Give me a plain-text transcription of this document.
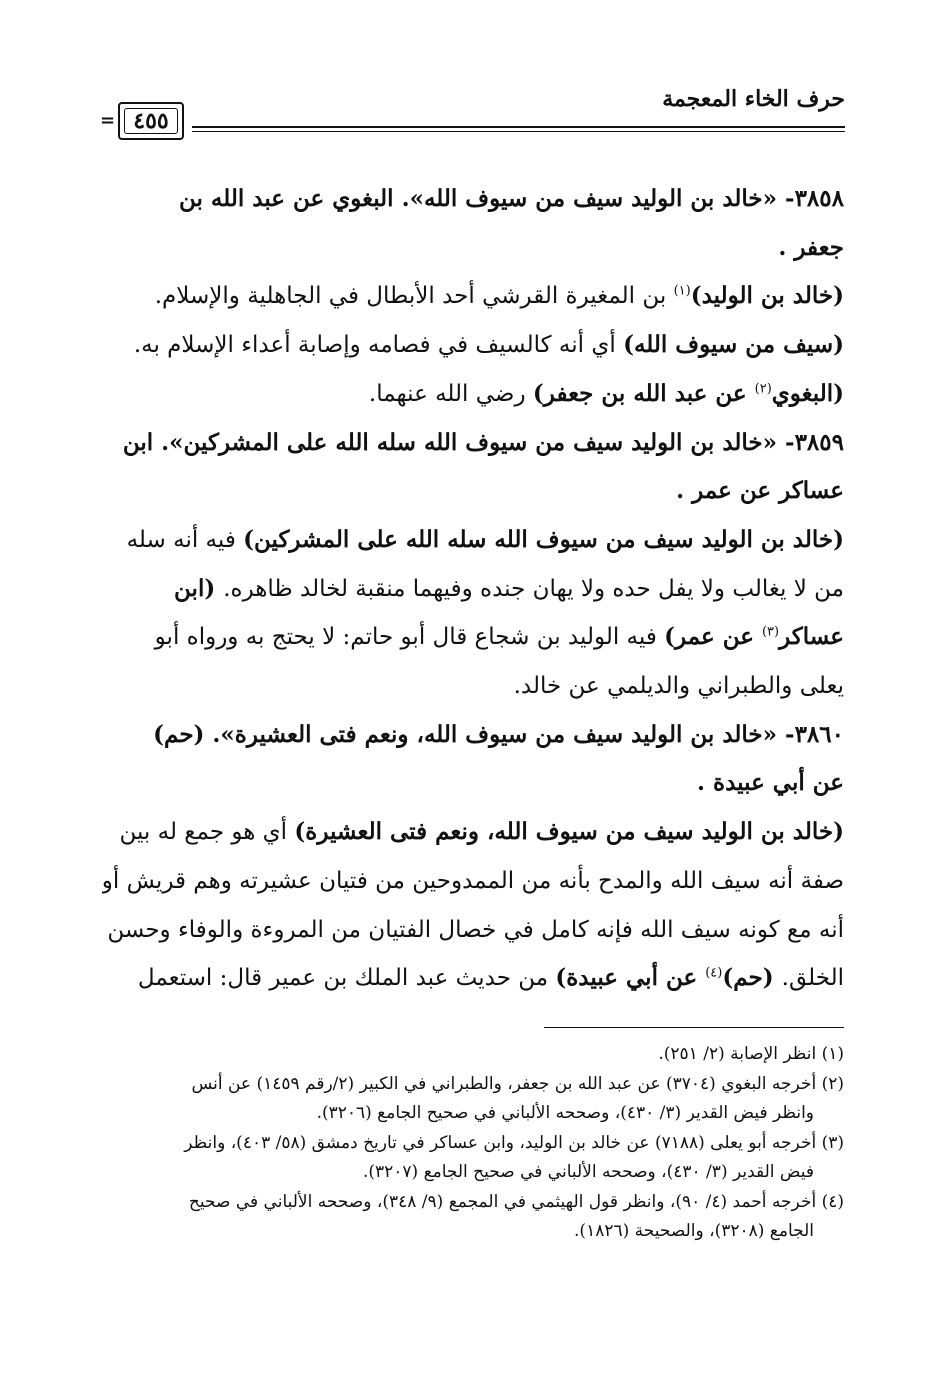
حرف الخاء المعجمة
٤٥٥
=
٣٨٥٨- «خالد بن الوليد سيف من سيوف الله». البغوي عن عبد الله بن
جعفر .
(خالد بن الوليد)$^{(١)}$ بن المغيرة القرشي أحد الأبطال في الجاهلية والإسلام.
(سيف من سيوف الله) أي أنه كالسيف في فصامه وإصابة أعداء الإسلام به.
(البغوي$^{(٢)}$ عن عبد الله بن جعفر) رضي الله عنهما.
٣٨٥٩- «خالد بن الوليد سيف من سيوف الله سله الله على المشركين». ابن
عساكر عن عمر .
(خالد بن الوليد سيف من سيوف الله سله الله على المشركين) فيه أنه سله
من لا يغالب ولا يفل حده ولا يهان جنده وفيهما منقبة لخالد ظاهره. (ابن
عساكر$^{(٣)}$ عن عمر) فيه الوليد بن شجاع قال أبو حاتم: لا يحتج به ورواه أبو
يعلى والطبراني والديلمي عن خالد.
٣٨٦٠- «خالد بن الوليد سيف من سيوف الله، ونعم فتى العشيرة». (حم)
عن أبي عبيدة .
(خالد بن الوليد سيف من سيوف الله، ونعم فتى العشيرة) أي هو جمع له بين
صفة أنه سيف الله والمدح بأنه من الممدوحين من فتيان عشيرته وهم قريش أو
أنه مع كونه سيف الله فإنه كامل في خصال الفتيان من المروءة والوفاء وحسن
الخلق. (حم)$^{(٤)}$ عن أبي عبيدة) من حديث عبد الملك بن عمير قال: استعمل
(١) انظر الإصابة (٢/ ٢٥١).
(٢) أخرجه البغوي (٣٧٠٤) عن عبد الله بن جعفر، والطبراني في الكبير (٢/رقم ١٤٥٩) عن أنس
وانظر فيض القدير (٣/ ٤٣٠)، وصححه الألباني في صحيح الجامع (٣٢٠٦).
(٣) أخرجه أبو يعلى (٧١٨٨) عن خالد بن الوليد، وابن عساكر في تاريخ دمشق (٥٨/ ٤٠٣)، وانظر
فيض القدير (٣/ ٤٣٠)، وصححه الألباني في صحيح الجامع (٣٢٠٧).
(٤) أخرجه أحمد (٤/ ٩٠)، وانظر قول الهيثمي في المجمع (٩/ ٣٤٨)، وصححه الألباني في صحيح
الجامع (٣٢٠٨)، والصحيحة (١٨٢٦).
